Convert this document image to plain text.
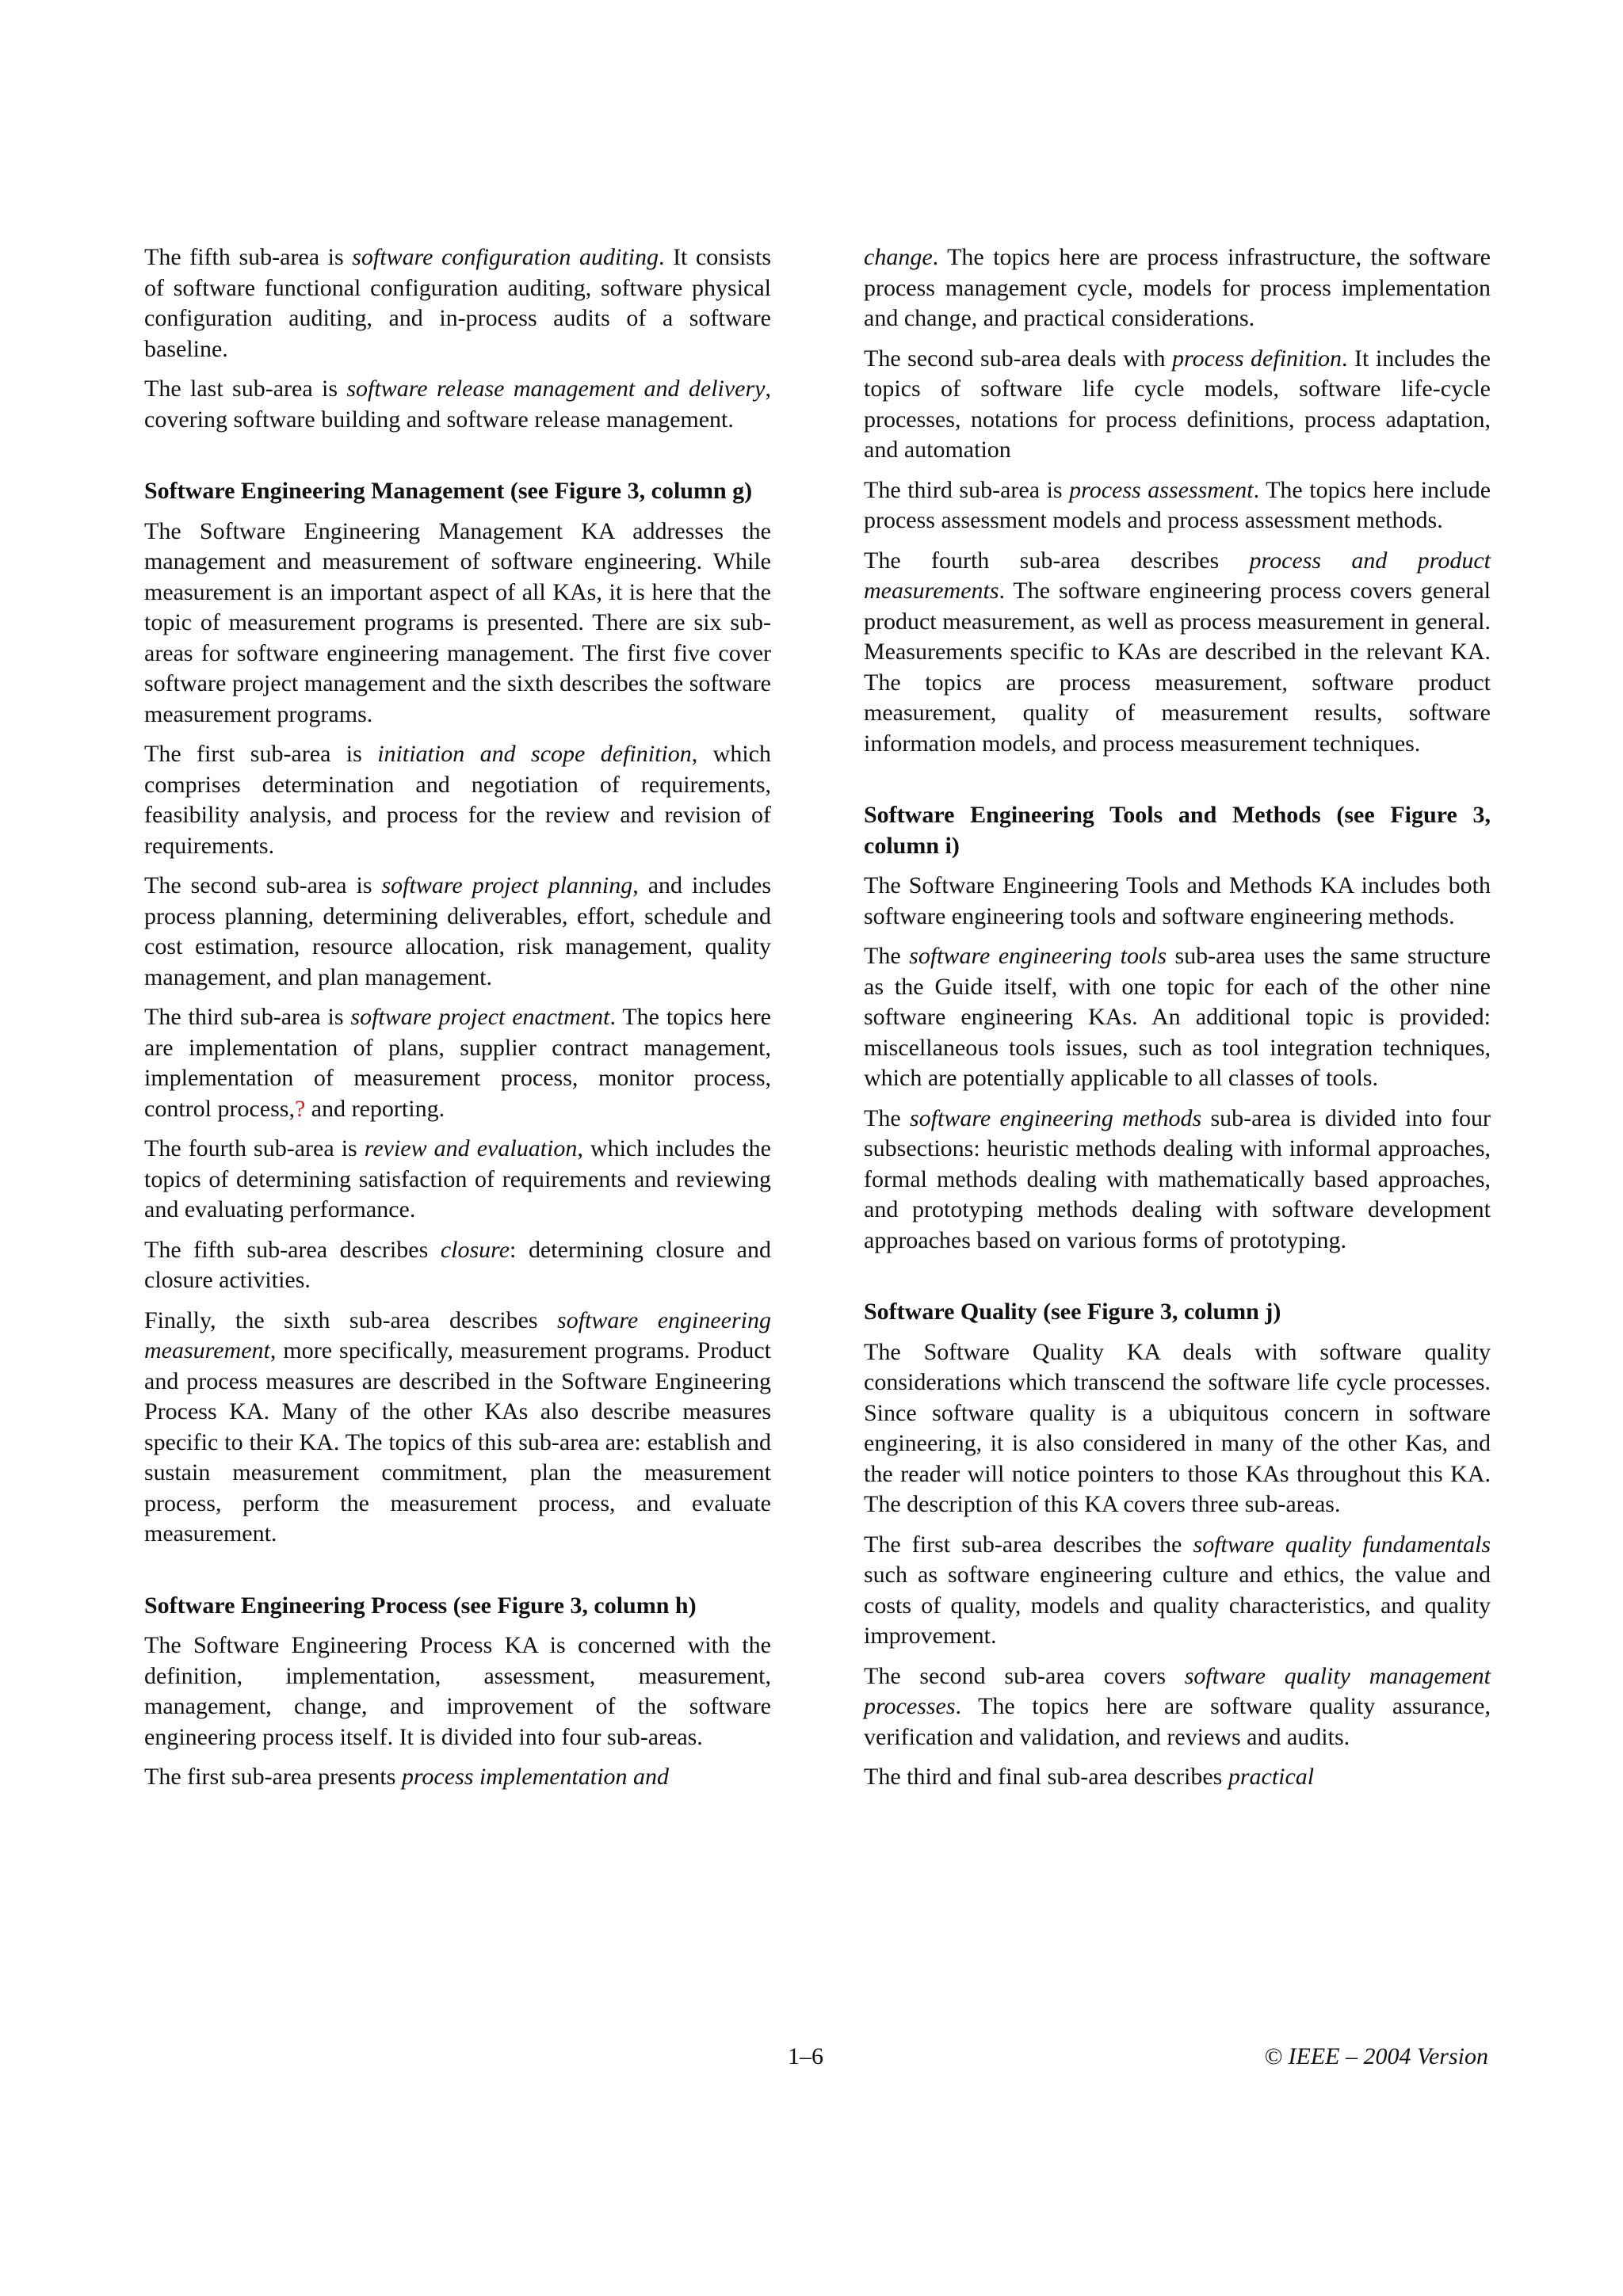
The fifth sub-area is software configuration auditing. It consists of software functional configuration auditing, software physical configuration auditing, and in-process audits of a software baseline.

The last sub-area is software release management and delivery, covering software building and software release management.

Software Engineering Management (see Figure 3, column g)

The Software Engineering Management KA addresses the management and measurement of software engineering. While measurement is an important aspect of all KAs, it is here that the topic of measurement programs is presented. There are six sub-areas for software engineering management. The first five cover software project management and the sixth describes the software measurement programs.

The first sub-area is initiation and scope definition, which comprises determination and negotiation of requirements, feasibility analysis, and process for the review and revision of requirements.

The second sub-area is software project planning, and includes process planning, determining deliverables, effort, schedule and cost estimation, resource allocation, risk management, quality management, and plan management.

The third sub-area is software project enactment. The topics here are implementation of plans, supplier contract management, implementation of measurement process, monitor process, control process,? and reporting.

The fourth sub-area is review and evaluation, which includes the topics of determining satisfaction of requirements and reviewing and evaluating performance.

The fifth sub-area describes closure: determining closure and closure activities.

Finally, the sixth sub-area describes software engineering measurement, more specifically, measurement programs. Product and process measures are described in the Software Engineering Process KA. Many of the other KAs also describe measures specific to their KA. The topics of this sub-area are: establish and sustain measurement commitment, plan the measurement process, perform the measurement process, and evaluate measurement.

Software Engineering Process (see Figure 3, column h)

The Software Engineering Process KA is concerned with the definition, implementation, assessment, measurement, management, change, and improvement of the software engineering process itself. It is divided into four sub-areas.

The first sub-area presents process implementation and

change. The topics here are process infrastructure, the software process management cycle, models for process implementation and change, and practical considerations.

The second sub-area deals with process definition. It includes the topics of software life cycle models, software life-cycle processes, notations for process definitions, process adaptation, and automation

The third sub-area is process assessment. The topics here include process assessment models and process assessment methods.

The fourth sub-area describes process and product measurements. The software engineering process covers general product measurement, as well as process measurement in general. Measurements specific to KAs are described in the relevant KA. The topics are process measurement, software product measurement, quality of measurement results, software information models, and process measurement techniques.

Software Engineering Tools and Methods (see Figure 3, column i)

The Software Engineering Tools and Methods KA includes both software engineering tools and software engineering methods.

The software engineering tools sub-area uses the same structure as the Guide itself, with one topic for each of the other nine software engineering KAs. An additional topic is provided: miscellaneous tools issues, such as tool integration techniques, which are potentially applicable to all classes of tools.

The software engineering methods sub-area is divided into four subsections: heuristic methods dealing with informal approaches, formal methods dealing with mathematically based approaches, and prototyping methods dealing with software development approaches based on various forms of prototyping.

Software Quality (see Figure 3, column j)

The Software Quality KA deals with software quality considerations which transcend the software life cycle processes. Since software quality is a ubiquitous concern in software engineering, it is also considered in many of the other Kas, and the reader will notice pointers to those KAs throughout this KA. The description of this KA covers three sub-areas.

The first sub-area describes the software quality fundamentals such as software engineering culture and ethics, the value and costs of quality, models and quality characteristics, and quality improvement.

The second sub-area covers software quality management processes. The topics here are software quality assurance, verification and validation, and reviews and audits.

The third and final sub-area describes practical

1–6	© IEEE – 2004 Version
